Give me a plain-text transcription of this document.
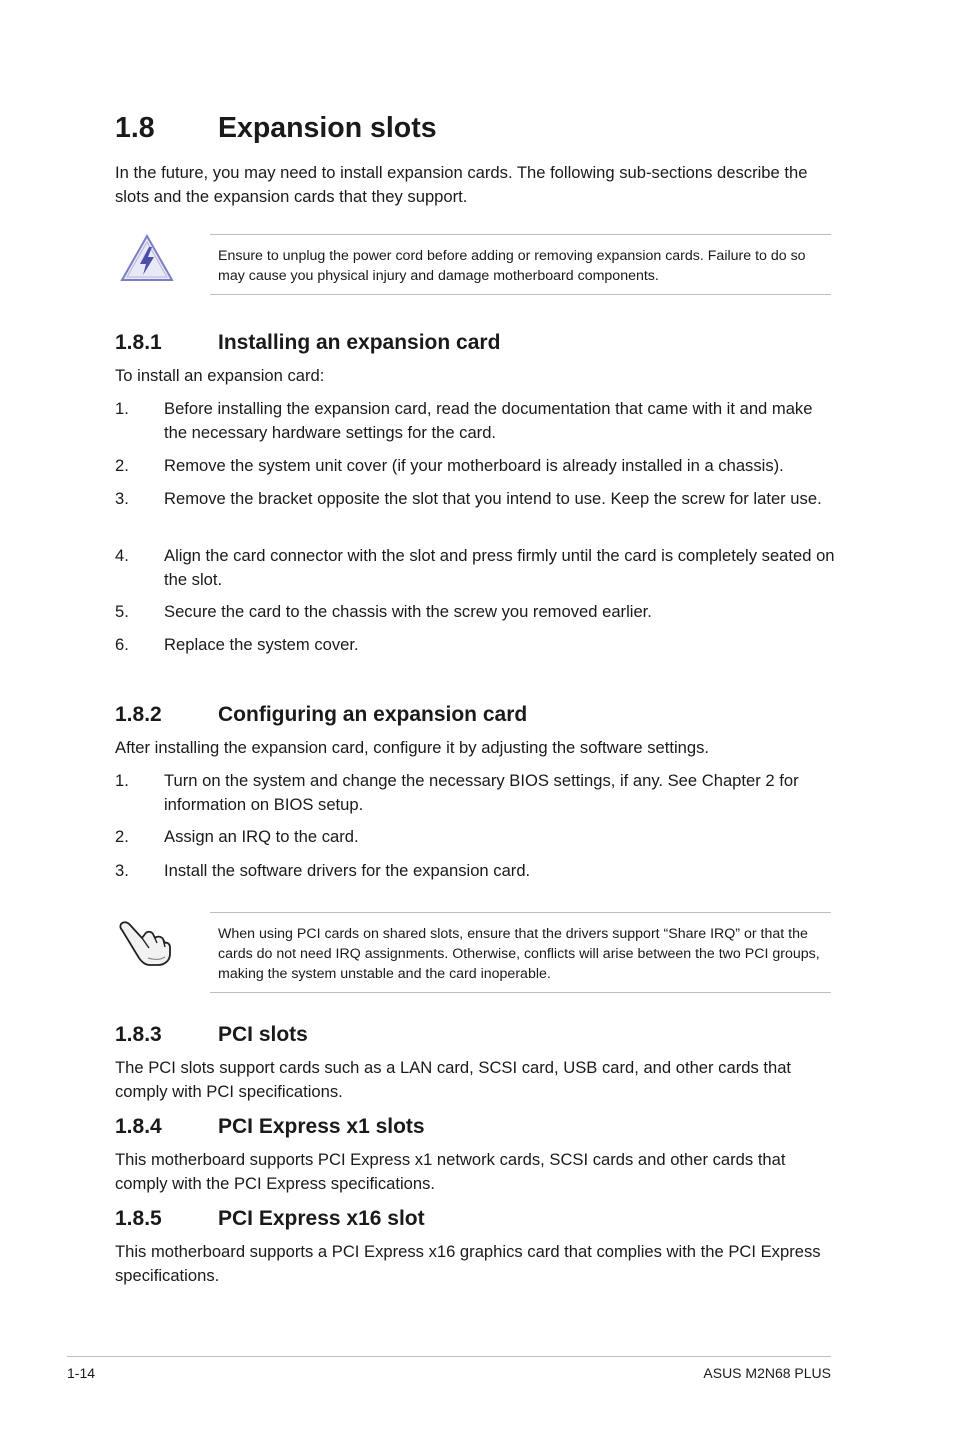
1.8 Expansion slots

In the future, you may need to install expansion cards. The following sub-sections describe the slots and the expansion cards that they support.

Ensure to unplug the power cord before adding or removing expansion cards. Failure to do so may cause you physical injury and damage motherboard components.
1.8.1	Installing an expansion card

To install an expansion card:

1. Before installing the expansion card, read the documentation that came with it and make the necessary hardware settings for the card.
2. Remove the system unit cover (if your motherboard is already installed in a chassis).
3. Remove the bracket opposite the slot that you intend to use. Keep the screw for later use.
4. Align the card connector with the slot and press firmly until the card is completely seated on the slot.
5. Secure the card to the chassis with the screw you removed earlier.
6. Replace the system cover.
1.8.2	Configuring an expansion card

After installing the expansion card, configure it by adjusting the software settings.

1. Turn on the system and change the necessary BIOS settings, if any. See Chapter 2 for information on BIOS setup.
2. Assign an IRQ to the card.
3. Install the software drivers for the expansion card.
When using PCI cards on shared slots, ensure that the drivers support “Share IRQ” or that the cards do not need IRQ assignments. Otherwise, conflicts will arise between the two PCI groups, making the system unstable and the card inoperable.
1.8.3	PCI slots

The PCI slots support cards such as a LAN card, SCSI card, USB card, and other cards that comply with PCI specifications.

1.8.4	PCI Express x1 slots

This motherboard supports PCI Express x1 network cards, SCSI cards and other cards that comply with the PCI Express specifications.

1.8.5	PCI Express x16 slot

This motherboard supports a PCI Express x16 graphics card that complies with the PCI Express specifications.

1-14	ASUS M2N68 PLUS
